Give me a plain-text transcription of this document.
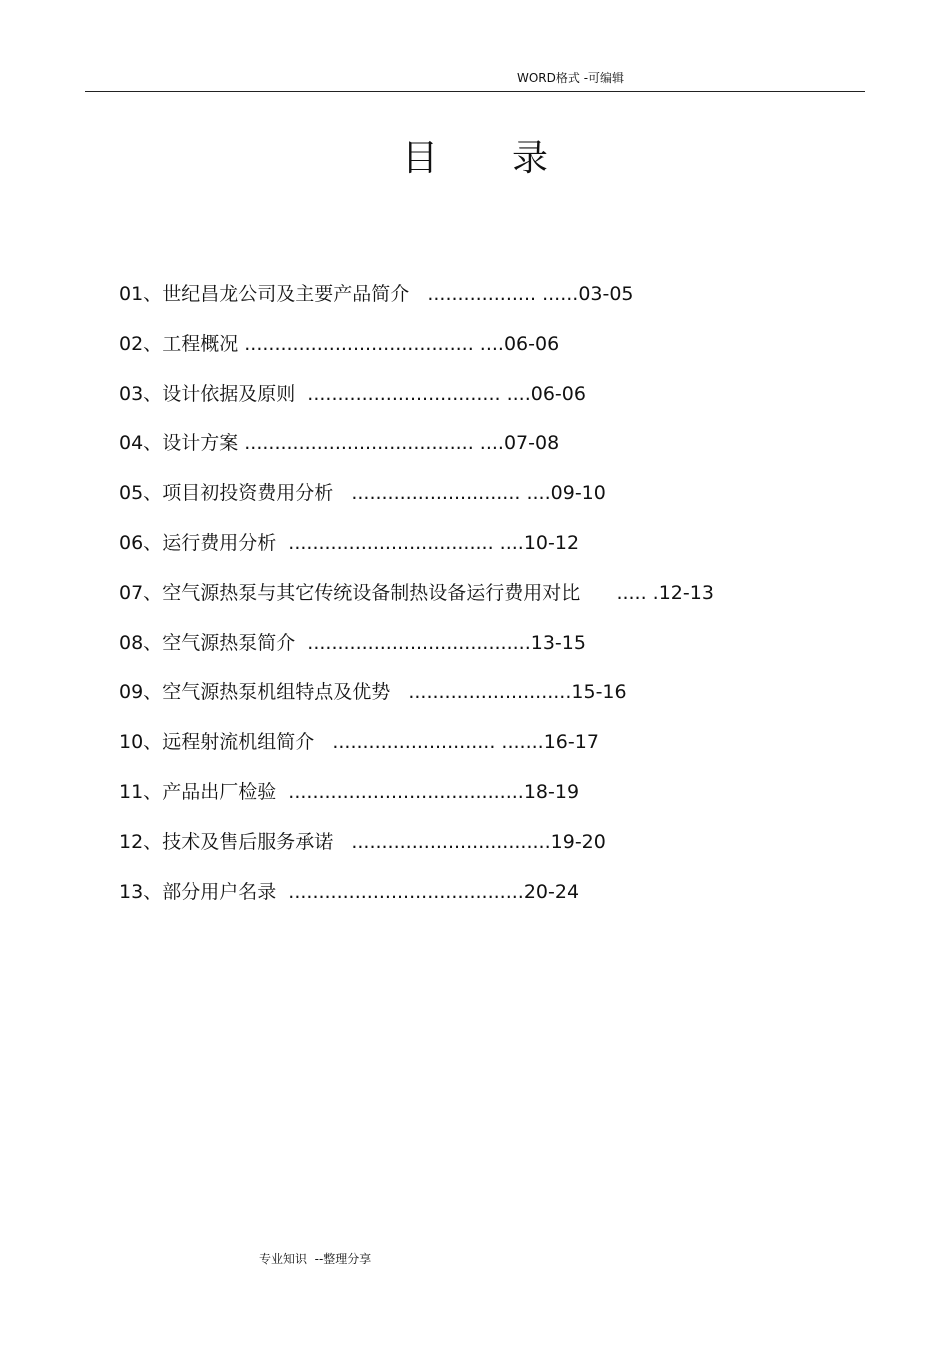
WORD格式 -可编辑
目录
01、世纪昌龙公司及主要产品简介   .................. ......03-05
02、工程概况 ...................................... ....06-06
03、设计依据及原则  ................................ ....06-06
04、设计方案 ...................................... ....07-08
05、项目初投资费用分析   ............................ ....09-10
06、运行费用分析  .................................. ....10-12
07、空气源热泵与其它传统设备制热设备运行费用对比      ..... .12-13
08、空气源热泵简介  .....................................13-15
09、空气源热泵机组特点及优势   ...........................15-16
10、远程射流机组简介   ........................... .......16-17
11、产品出厂检验  .......................................18-19
12、技术及售后服务承诺   .................................19-20
13、部分用户名录  .......................................20-24
专业知识  --整理分享
